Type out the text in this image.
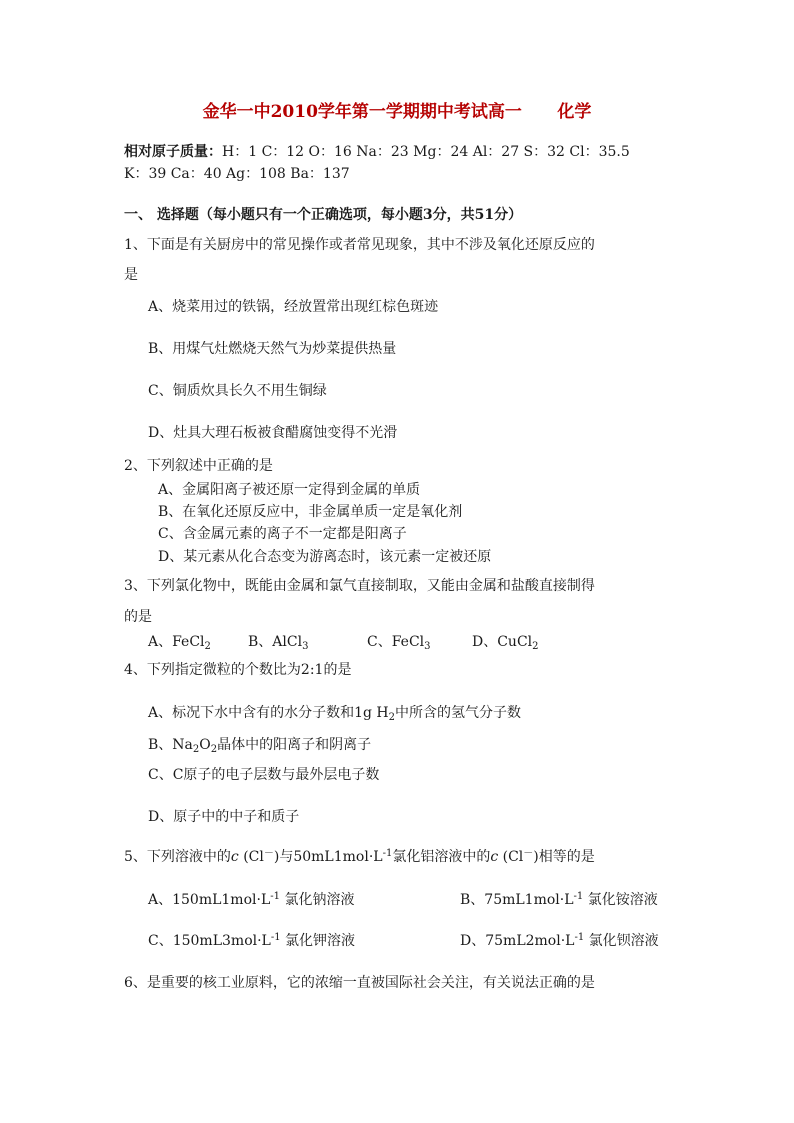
金华一中2010学年第一学期期中考试高一      化学
相对原子质量：H：1 C：12 O：16 Na：23 Mg：24 Al：27 S：32 Cl：35.5
K：39 Ca：40 Ag：108 Ba：137
一、 选择题（每小题只有一个正确选项，每小题3分，共51分）
1、下面是有关厨房中的常见操作或者常见现象，其中不涉及氧化还原反应的
是
A、烧菜用过的铁锅，经放置常出现红棕色斑迹
B、用煤气灶燃烧天然气为炒菜提供热量
C、铜质炊具长久不用生铜绿
D、灶具大理石板被食醋腐蚀变得不光滑
2、下列叙述中正确的是
A、金属阳离子被还原一定得到金属的单质
B、在氧化还原反应中，非金属单质一定是氧化剂
C、含金属元素的离子不一定都是阳离子
D、某元素从化合态变为游离态时，该元素一定被还原
3、下列氯化物中，既能由金属和氯气直接制取，又能由金属和盐酸直接制得
的是
A、FeCl$_2$	B、AlCl$_3$	C、FeCl$_3$	D、CuCl$_2$
4、下列指定微粒的个数比为2:1的是
A、标况下水中含有的水分子数和1g $H_2$中所含的氢气分子数
B、$Na_2O_2$晶体中的阳离子和阴离子
C、C原子的电子层数与最外层电子数
D、原子中的中子和质子
5、下列溶液中的c (Cl－)与$50mL1mol\cdot L^{-1}$氯化铝溶液中的c (Cl－)相等的是
A、$150mL1mol\cdot L^{-1}$ 氯化钠溶液	B、$75mL1mol\cdot L^{-1}$ 氯化铵溶液
C、$150mL3mol\cdot L^{-1}$ 氯化钾溶液	D、$75mL2mol\cdot L^{-1}$ 氯化钡溶液
6、是重要的核工业原料，它的浓缩一直被国际社会关注，有关说法正确的是
